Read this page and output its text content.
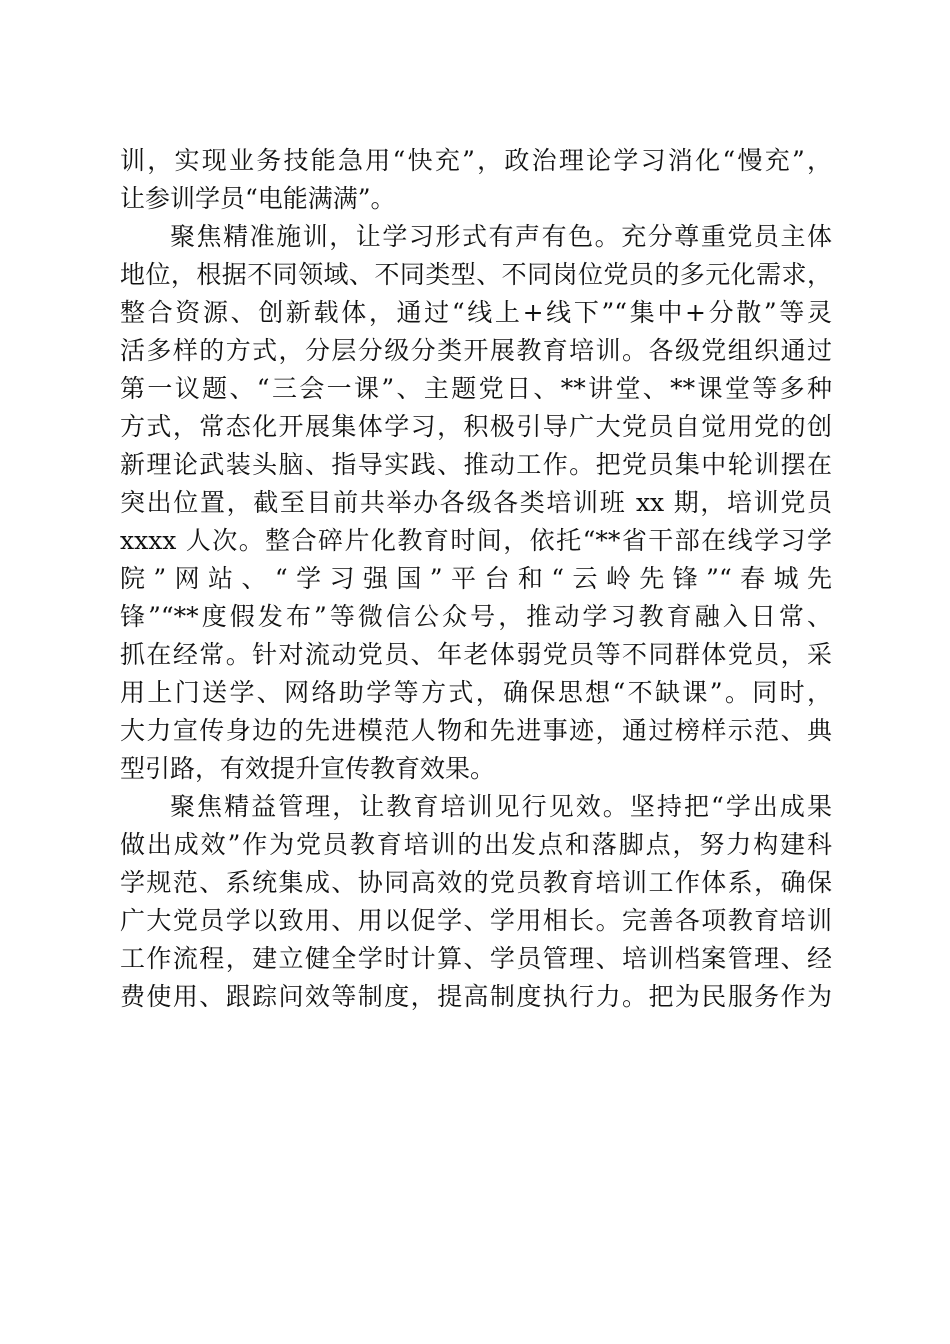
训，实现业务技能急用“快充”，政治理论学习消化“慢充”，
让参训学员“电能满满”。
聚焦精准施训，让学习形式有声有色。充分尊重党员主体
地位，根据不同领域、不同类型、不同岗位党员的多元化需求，
整合资源、创新载体，通过“线上+线下”“集中+分散”等灵
活多样的方式，分层分级分类开展教育培训。各级党组织通过
第一议题、“三会一课”、主题党日、**讲堂、**课堂等多种
方式，常态化开展集体学习，积极引导广大党员自觉用党的创
新理论武装头脑、指导实践、推动工作。把党员集中轮训摆在
突出位置，截至目前共举办各级各类培训班 xx 期，培训党员
xxxx 人次。整合碎片化教育时间，依托“**省干部在线学习学
院”网站、“学习强国”平台和“云岭先锋”“春城先
锋”“**度假发布”等微信公众号，推动学习教育融入日常、
抓在经常。针对流动党员、年老体弱党员等不同群体党员，采
用上门送学、网络助学等方式，确保思想“不缺课”。同时，
大力宣传身边的先进模范人物和先进事迹，通过榜样示范、典
型引路，有效提升宣传教育效果。
聚焦精益管理，让教育培训见行见效。坚持把“学出成果
做出成效”作为党员教育培训的出发点和落脚点，努力构建科
学规范、系统集成、协同高效的党员教育培训工作体系，确保
广大党员学以致用、用以促学、学用相长。完善各项教育培训
工作流程，建立健全学时计算、学员管理、培训档案管理、经
费使用、跟踪问效等制度，提高制度执行力。把为民服务作为
